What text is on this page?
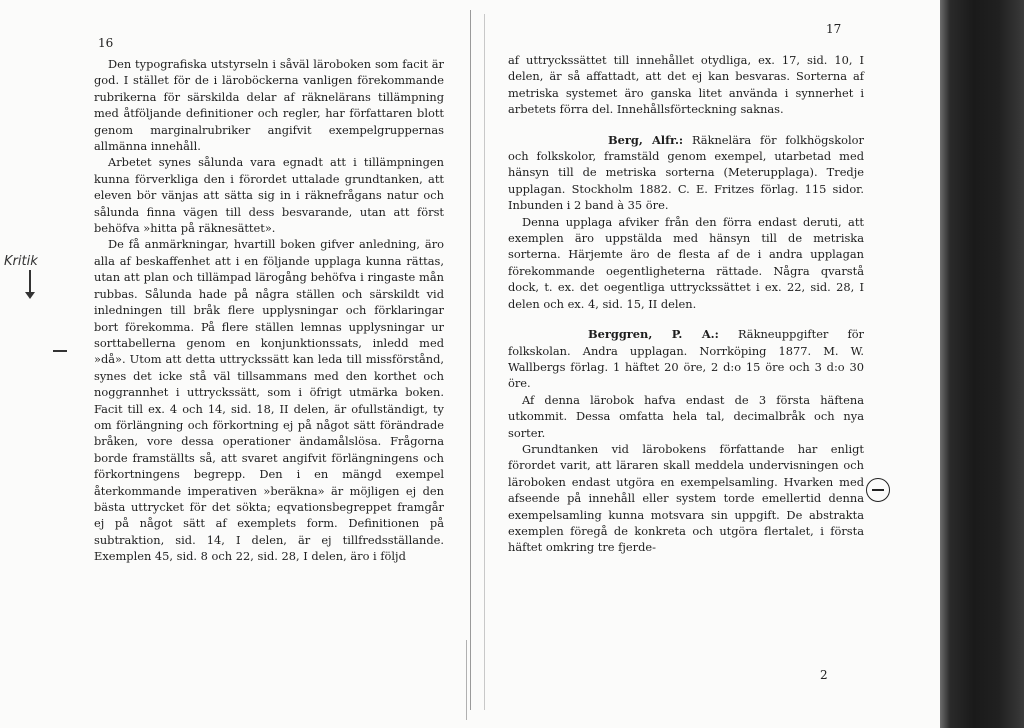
16

Den typografiska utstyrseln i såväl läroboken som facit är god. I stället för de i läroböckerna vanligen förekommande rubrikerna för särskilda delar af räknelärans tillämpning med åtföljande definitioner och regler, har författaren blott genom marginalrubriker angifvit exempelgruppernas allmänna innehåll.

Arbetet synes sålunda vara egnadt att i tillämpningen kunna förverkliga den i förordet uttalade grundtanken, att eleven bör vänjas att sätta sig in i räknefrågans natur och sålunda finna vägen till dess besvarande, utan att först behöfva »hitta på räknesättet».

De få anmärkningar, hvartill boken gifver anledning, äro alla af beskaffenhet att i en följande upplaga kunna rättas, utan att plan och tillämpad lärogång behöfva i ringaste mån rubbas. Sålunda hade på några ställen och särskildt vid inledningen till bråk flere upplysningar och förklaringar bort förekomma. På flere ställen lemnas upplysningar ur sorttabellerna genom en konjunktionssats, inledd med »då». Utom att detta uttryckssätt kan leda till missförstånd, synes det icke stå väl tillsammans med den korthet och noggrannhet i uttryckssätt, som i öfrigt utmärka boken. Facit till ex. 4 och 14, sid. 18, II delen, är ofullständigt, ty om förlängning och förkortning ej på något sätt förändrade bråken, vore dessa operationer ändamålslösa. Frågorna borde framställts så, att svaret angifvit förlängningens och förkortningens begrepp. Den i en mängd exempel återkommande imperativen »beräkna» är möjligen ej den bästa uttrycket för det sökta; eqvationsbegreppet framgår ej på något sätt af exemplets form. Definitionen på subtraktion, sid. 14, I delen, är ej tillfredsställande. Exemplen 45, sid. 8 och 22, sid. 28, I delen, äro i följd

Kritik
17

af uttryckssättet till innehållet otydliga, ex. 17, sid. 10, I delen, är så affattadt, att det ej kan besvaras. Sorterna af metriska systemet äro ganska litet använda i synnerhet i arbetets förra del. Innehållsförteckning saknas.

Berg, Alfr.: Räknelära för folkhögskolor och folkskolor, framstäld genom exempel, utarbetad med hänsyn till de metriska sorterna (Meterupplaga). Tredje upplagan. Stockholm 1882. C. E. Fritzes förlag. 115 sidor. Inbunden i 2 band à 35 öre.

Denna upplaga afviker från den förra endast deruti, att exemplen äro uppstälda med hänsyn till de metriska sorterna. Härjemte äro de flesta af de i andra upplagan förekommande oegentligheterna rättade. Några qvarstå dock, t. ex. det oegentliga uttryckssättet i ex. 22, sid. 28, I delen och ex. 4, sid. 15, II delen.

Berggren, P. A.: Räkneuppgifter för folkskolan. Andra upplagan. Norrköping 1877. M. W. Wallbergs förlag. 1 häftet 20 öre, 2 d:o 15 öre och 3 d:o 30 öre.

Af denna lärobok hafva endast de 3 första häftena utkommit. Dessa omfatta hela tal, decimalbråk och nya sorter.

Grundtanken vid lärobokens författande har enligt förordet varit, att läraren skall meddela undervisningen och läroboken endast utgöra en exempelsamling. Hvarken med afseende på innehåll eller system torde emellertid denna exempelsamling kunna motsvara sin uppgift. De abstrakta exemplen föregå de konkreta och utgöra flertalet, i första häftet omkring tre fjerde-

2
